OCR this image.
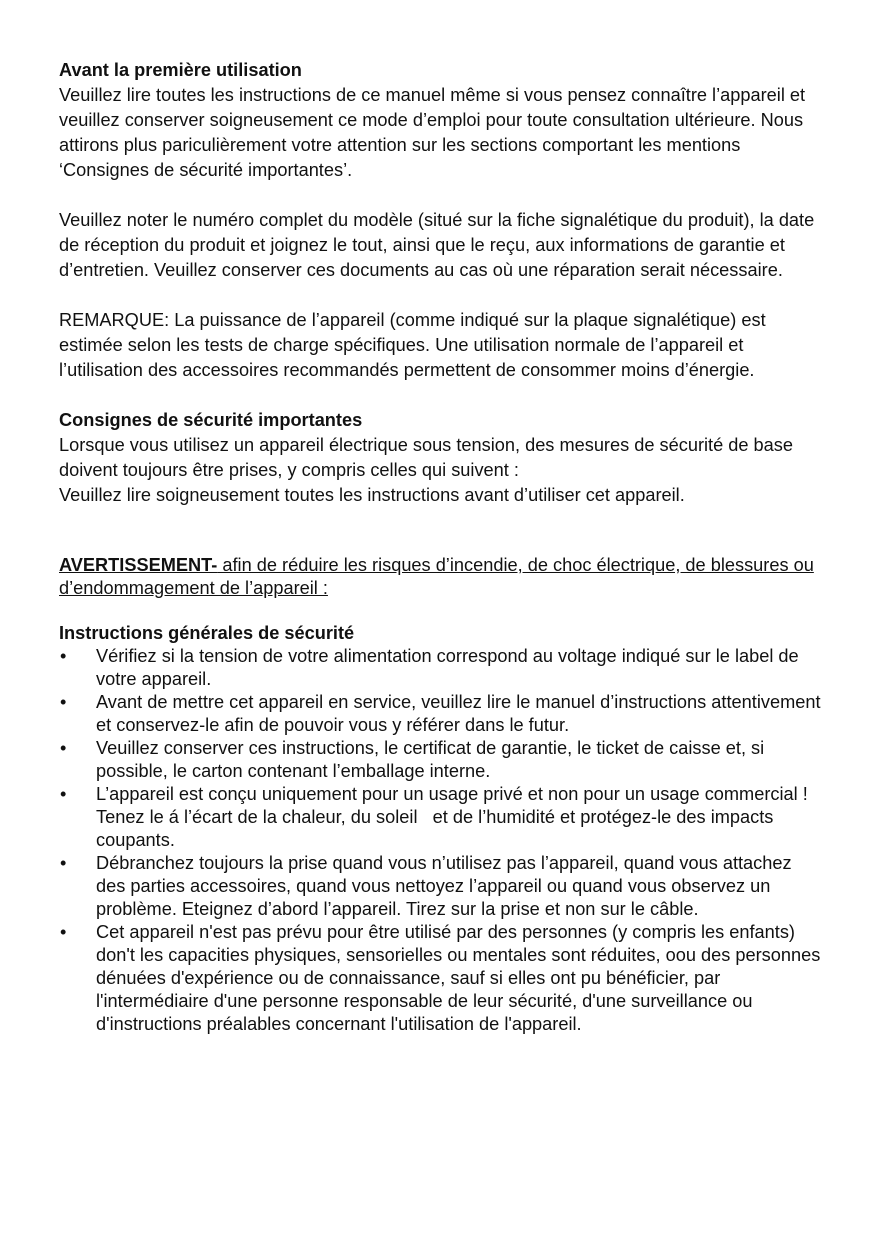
Avant la première utilisation

Veuillez lire toutes les instructions de ce manuel même si vous pensez connaître l’appareil et veuillez conserver soigneusement ce mode d’emploi pour toute consultation ultérieure. Nous attirons plus pariculièrement votre attention sur les sections comportant les mentions ‘Consignes de sécurité importantes’.

Veuillez noter le numéro complet du modèle (situé sur la fiche signalétique du produit), la date de réception du produit et joignez le tout, ainsi que le reçu, aux informations de garantie et d’entretien. Veuillez conserver ces documents au cas où une réparation serait nécessaire.

REMARQUE: La puissance de l’appareil (comme indiqué sur la plaque signalétique) est estimée selon les tests de charge spécifiques. Une utilisation normale de l’appareil et l’utilisation des accessoires recommandés permettent de consommer moins d’énergie.

Consignes de sécurité importantes

Lorsque vous utilisez un appareil électrique sous tension, des mesures de sécurité de base doivent toujours être prises, y compris celles qui suivent :

Veuillez lire soigneusement toutes les instructions avant d’utiliser cet appareil.

AVERTISSEMENT- afin de réduire les risques d’incendie, de choc électrique, de blessures ou d’endommagement de l’appareil :

Instructions générales de sécurité
• Vérifiez si la tension de votre alimentation correspond au voltage indiqué sur le label de votre appareil.
• Avant de mettre cet appareil en service, veuillez lire le manuel d’instructions attentivement et conservez-le afin de pouvoir vous y référer dans le futur.
• Veuillez conserver ces instructions, le certificat de garantie, le ticket de caisse et, si possible, le carton contenant l’emballage interne.
• L’appareil est conçu uniquement pour un usage privé et non pour un usage commercial ! Tenez le á l’écart de la chaleur, du soleil   et de l’humidité et protégez-le des impacts coupants.
• Débranchez toujours la prise quand vous n’utilisez pas l’appareil, quand vous attachez des parties accessoires, quand vous nettoyez l’appareil ou quand vous observez un problème. Eteignez d’abord l’appareil. Tirez sur la prise et non sur le câble.
• Cet appareil n'est pas prévu pour être utilisé par des personnes (y compris les enfants) don't les capacities physiques, sensorielles ou mentales sont réduites, oou des personnes dénuées d'expérience ou de connaissance, sauf si elles ont pu bénéficier, par l'intermédiaire d'une personne responsable de leur sécurité, d'une surveillance ou d'instructions préalables concernant l'utilisation de l'appareil.
